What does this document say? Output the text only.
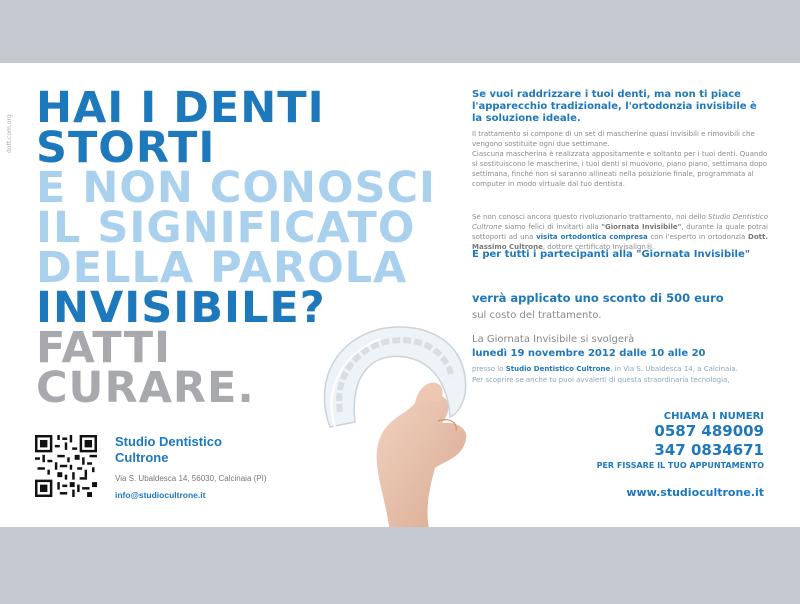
dott.com.org
HAI I DENTI
STORTI
E NON CONOSCI
IL SIGNIFICATO
DELLA PAROLA
INVISIBILE?
FATTI
CURARE.
Studio Dentistico Cultrone
Via S. Ubaldesca 14, 56030, Calcinaia (PI)
info@studiocultrone.it
Se vuoi raddrizzare i tuoi denti, ma non ti piace l'apparecchio tradizionale, l'ortodonzia invisibile è la soluzione ideale.

Il trattamento si compone di un set di mascherine quasi invisibili e rimovibili che vengono sostituite ogni due settimane.

Ciascuna mascherina è realizzata appositamente e soltanto per i tuoi denti. Quando si sostituiscono le mascherine, i tuoi denti si muovono, piano piano, settimana dopo settimana, finché non si saranno allineati nella posizione finale, programmata al computer in modo virtuale dal tuo dentista.

Se non conosci ancora questo rivoluzionario trattamento, noi dello Studio Dentistico Cultrone siamo felici di invitarti alla "Giornata Invisibile", durante la quale potrai sottoporti ad una visita ortodontica compresa con l'esperto in ortodonzia Dott. Massimo Cultrone, dottore certificato Invisalign®.
E per tutti i partecipanti alla "Giornata Invisibile"
verrà applicato uno sconto di 500 euro
sul costo del trattamento.
La Giornata Invisibile si svolgerà
lunedì 19 novembre 2012 dalle 10 alle 20
presso lo Studio Dentistico Cultrone, in Via S. Ubaldesca 14, a Calcinaia.
Per scoprire se anche tu puoi avvalerti di questa straordinaria tecnologia,
CHIAMA I NUMERI
0587 489009
347 0834671
PER FISSARE IL TUO APPUNTAMENTO
www.studiocultrone.it
